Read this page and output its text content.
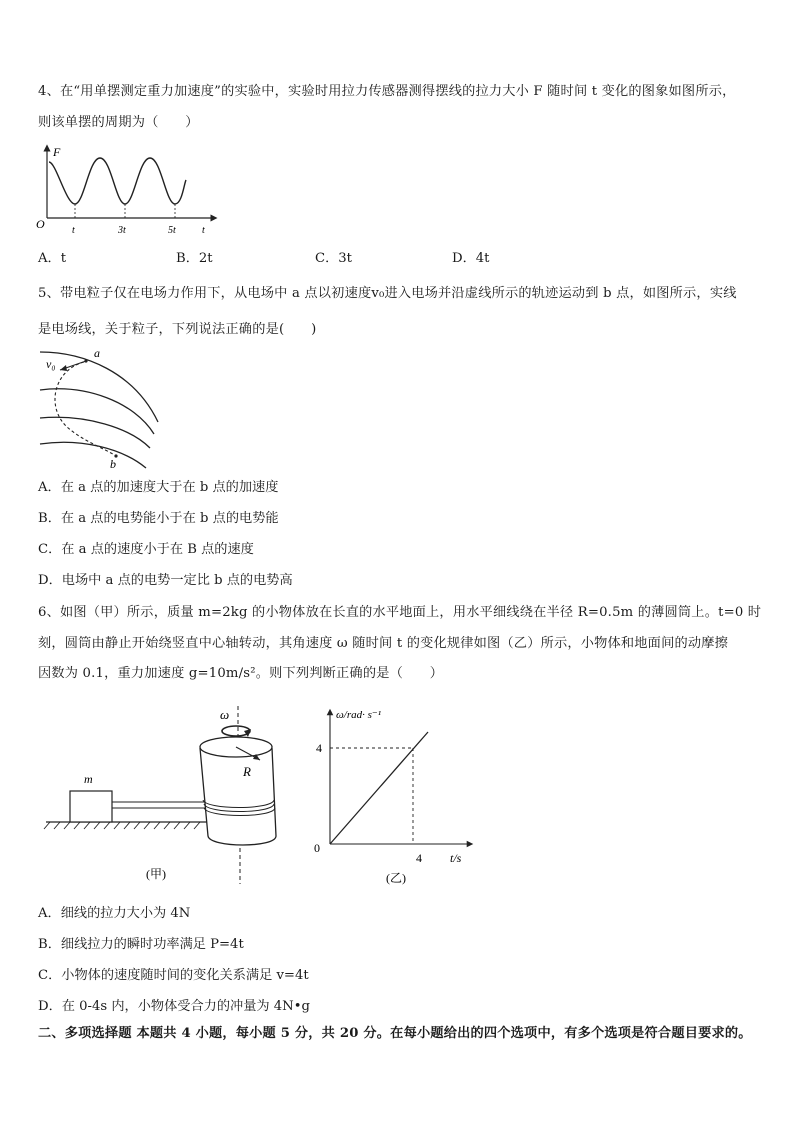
4、在“用单摆测定重力加速度”的实验中，实验时用拉力传感器测得摆线的拉力大小 F 随时间 t 变化的图象如图所示，
则该单摆的周期为（　　）
F
O	t	3t	5t	t
A．t	B．2t	C．3t	D．4t
5、带电粒子仅在电场力作用下，从电场中 a 点以初速度v₀进入电场并沿虚线所示的轨迹运动到 b 点，如图所示，实线
是电场线，关于粒子，下列说法正确的是(　　)
a
b
v₀
A．在 a 点的加速度大于在 b 点的加速度
B．在 a 点的电势能小于在 b 点的电势能
C．在 a 点的速度小于在 B 点的速度
D．电场中 a 点的电势一定比 b 点的电势高
6、如图（甲）所示，质量 m=2kg 的小物体放在长直的水平地面上，用水平细线绕在半径 R=0.5m 的薄圆筒上。t=0 时
刻，圆筒由静止开始绕竖直中心轴转动，其角速度 ω 随时间 t 的变化规律如图（乙）所示，小物体和地面间的动摩擦
因数为 0.1，重力加速度 g=10m/s²。则下列判断正确的是（　　）
m	R
ω
(甲)
ω/rad· s⁻¹
0
4
4 t/s
(乙)
A．细线的拉力大小为 4N
B．细线拉力的瞬时功率满足 P=4t
C．小物体的速度随时间的变化关系满足 v=4t
D．在 0-4s 内，小物体受合力的冲量为 4N•g
二、多项选择题 本题共 4 小题，每小题 5 分，共 20 分。在每小题给出的四个选项中，有多个选项是符合题目要求的。
